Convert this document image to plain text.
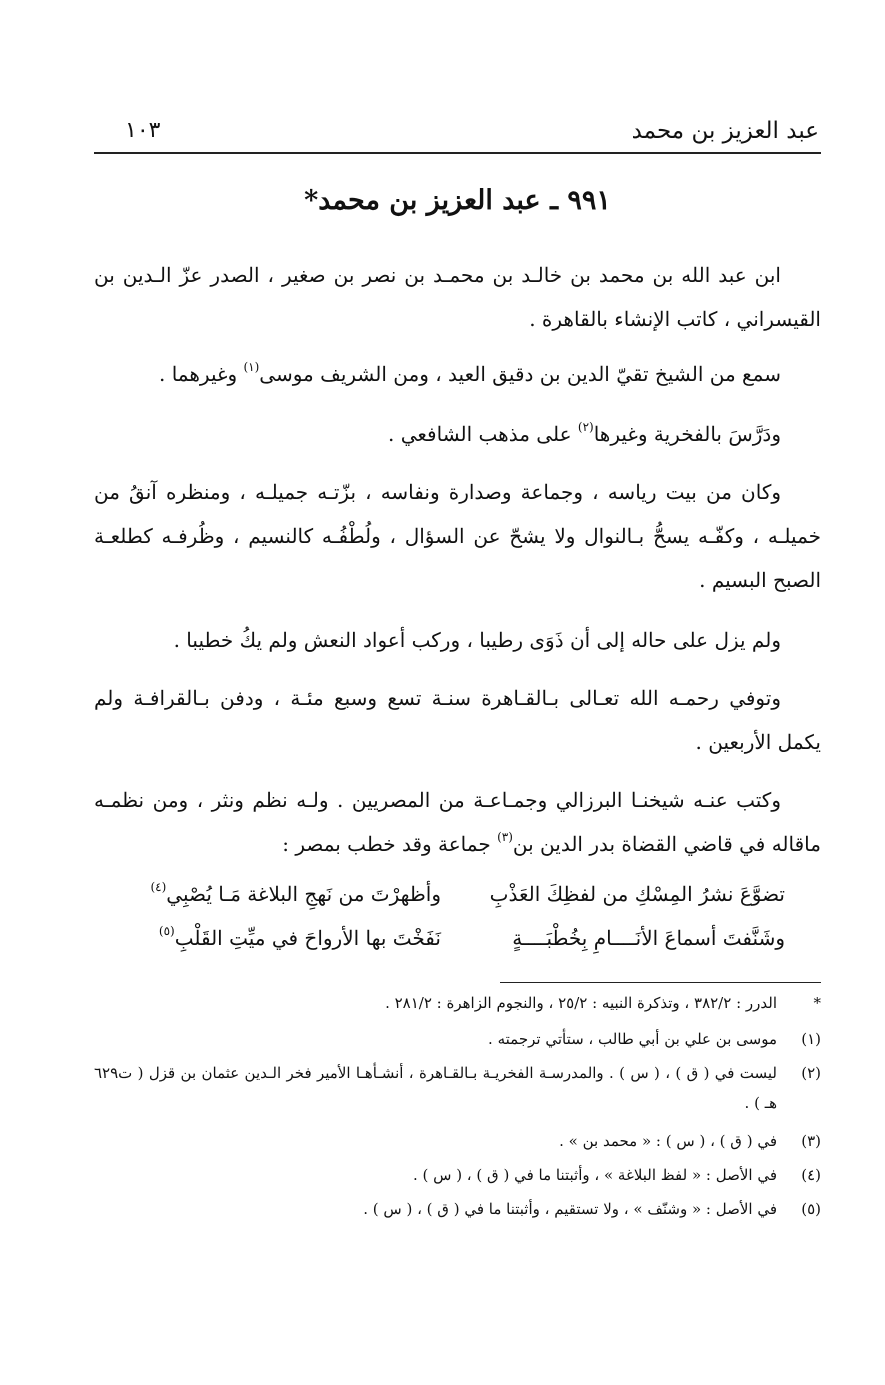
عبد العزيز بن محمد
١٠٣
٩٩١ ـ عبد العزيز بن محمد*
ابن عبد الله بن محمد بن خالـد بن محمـد بن نصر بن صغير ، الصدر عزّ الـدين بن القيسراني ، كاتب الإنشاء بالقاهرة .
سمع من الشيخ تقيّ الدين بن دقيق العيد ، ومن الشريف موسى$^{(١)}$ وغيرهما .
ودَرَّسَ بالفخرية وغيرها$^{(٢)}$ على مذهب الشافعي .
وكان من بيت رياسه ، وجماعة وصدارة ونفاسه ، بزّتـه جميلـه ، ومنظره آنقُ من خميلـه ، وكفّـه يسحُّ بـالنوال ولا يشحّ عن السؤال ، ولُطْفُـه كالنسيم ، وظُرفـه كطلعـة الصبح البسيم .
ولم يزل على حاله إلى أن ذَوَى رطيبا ، وركب أعواد النعش ولم يكُ خطيبا .
وتوفي رحمـه الله تعـالى بـالقـاهرة سنـة تسع وسبع مئـة ، ودفن بـالقرافـة ولم يكمل الأربعين .
وكتب عنـه شيخنـا البرزالي وجمـاعـة من المصريين . ولـه نظم ونثر ، ومن نظمـه ماقاله في قاضي القضاة بدر الدين بن$^{(٣)}$ جماعة وقد خطب بمصر :
تضوَّعَ نشرُ المِسْكِ من لفظِكَ العَذْبِ
وأظهرْتَ من نَهجِ البلاغة مَـا يُصْبِي$^{(٤)}$
وشَنَّفتَ أسماعَ الأنَــــامِ بِخُطْبَــــةٍ
نَفَخْتَ بها الأرواحَ في ميِّتِ القَلْبِ$^{(٥)}$
*
الدرر : ٣٨٢/٢ ، وتذكرة النبيه : ٢٥/٢ ، والنجوم الزاهرة : ٢٨١/٢ .
(١)
موسى بن علي بن أبي طالب ، ستأتي ترجمته .
(٢)
ليست في ( ق ) ، ( س ) . والمدرسـة الفخريـة بـالقـاهرة ، أنشـأهـا الأمير فخر الـدين عثمان بن قزل ( ت٦٢٩ هـ ) .
(٣)
في ( ق ) ، ( س ) : « محمد بن » .
(٤)
في الأصل : « لفظ البلاغة » ، وأثبتنا ما في ( ق ) ، ( س ) .
(٥)
في الأصل : « وشنّف » ، ولا تستقيم ، وأثبتنا ما في ( ق ) ، ( س ) .
